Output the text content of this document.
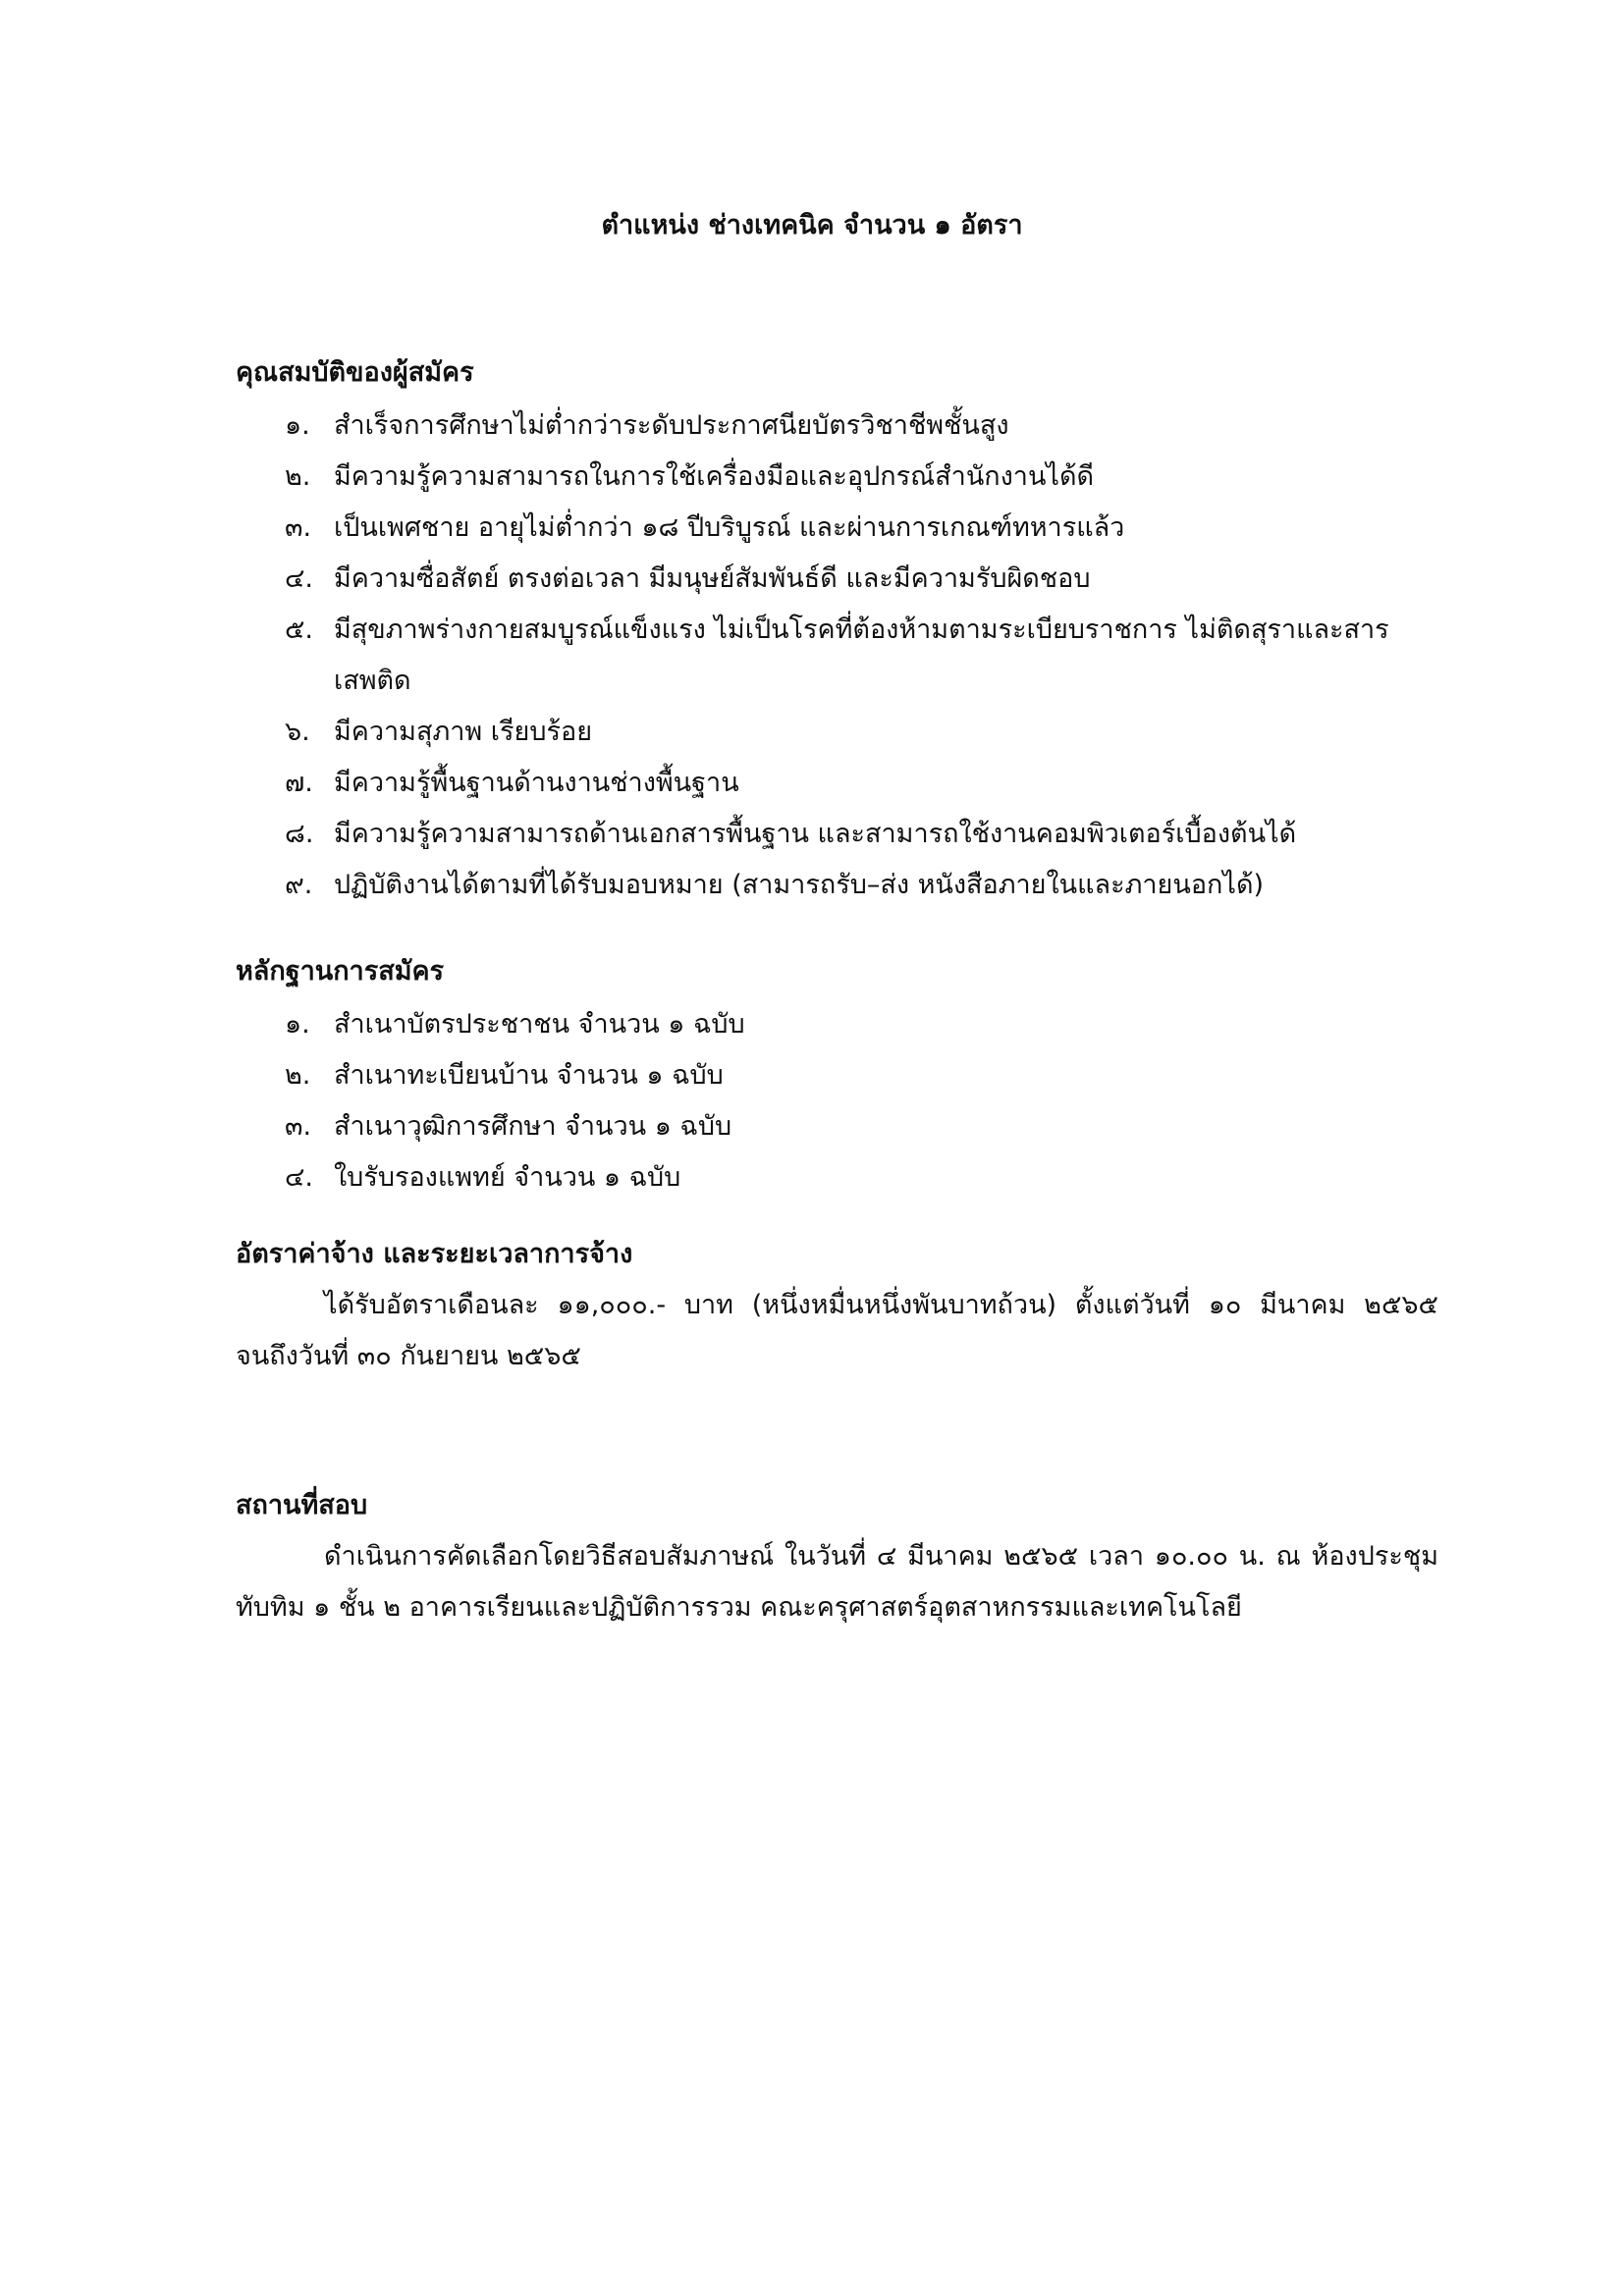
ตำแหน่ง ช่างเทคนิค จำนวน ๑ อัตรา
คุณสมบัติของผู้สมัคร
๑. สำเร็จการศึกษาไม่ต่ำกว่าระดับประกาศนียบัตรวิชาชีพชั้นสูง
๒. มีความรู้ความสามารถในการใช้เครื่องมือและอุปกรณ์สำนักงานได้ดี
๓. เป็นเพศชาย อายุไม่ต่ำกว่า ๑๘ ปีบริบูรณ์ และผ่านการเกณฑ์ทหารแล้ว
๔. มีความซื่อสัตย์ ตรงต่อเวลา มีมนุษย์สัมพันธ์ดี และมีความรับผิดชอบ
๕. มีสุขภาพร่างกายสมบูรณ์แข็งแรง ไม่เป็นโรคที่ต้องห้ามตามระเบียบราชการ ไม่ติดสุราและสารเสพติด
๖. มีความสุภาพ เรียบร้อย
๗. มีความรู้พื้นฐานด้านงานช่างพื้นฐาน
๘. มีความรู้ความสามารถด้านเอกสารพื้นฐาน และสามารถใช้งานคอมพิวเตอร์เบื้องต้นได้
๙. ปฏิบัติงานได้ตามที่ได้รับมอบหมาย (สามารถรับ–ส่ง หนังสือภายในและภายนอกได้)
หลักฐานการสมัคร
๑. สำเนาบัตรประชาชน จำนวน ๑ ฉบับ
๒. สำเนาทะเบียนบ้าน จำนวน ๑ ฉบับ
๓. สำเนาวุฒิการศึกษา จำนวน ๑ ฉบับ
๔. ใบรับรองแพทย์ จำนวน ๑ ฉบับ
อัตราค่าจ้าง และระยะเวลาการจ้าง

ได้รับอัตราเดือนละ ๑๑,๐๐๐.- บาท (หนึ่งหมื่นหนึ่งพันบาทถ้วน) ตั้งแต่วันที่ ๑๐ มีนาคม ๒๕๖๕ จนถึงวันที่ ๓๐ กันยายน ๒๕๖๕

สถานที่สอบ

ดำเนินการคัดเลือกโดยวิธีสอบสัมภาษณ์ ในวันที่ ๔ มีนาคม ๒๕๖๕ เวลา ๑๐.๐๐ น. ณ ห้องประชุมทับทิม ๑ ชั้น ๒ อาคารเรียนและปฏิบัติการรวม คณะครุศาสตร์อุตสาหกรรมและเทคโนโลยี
